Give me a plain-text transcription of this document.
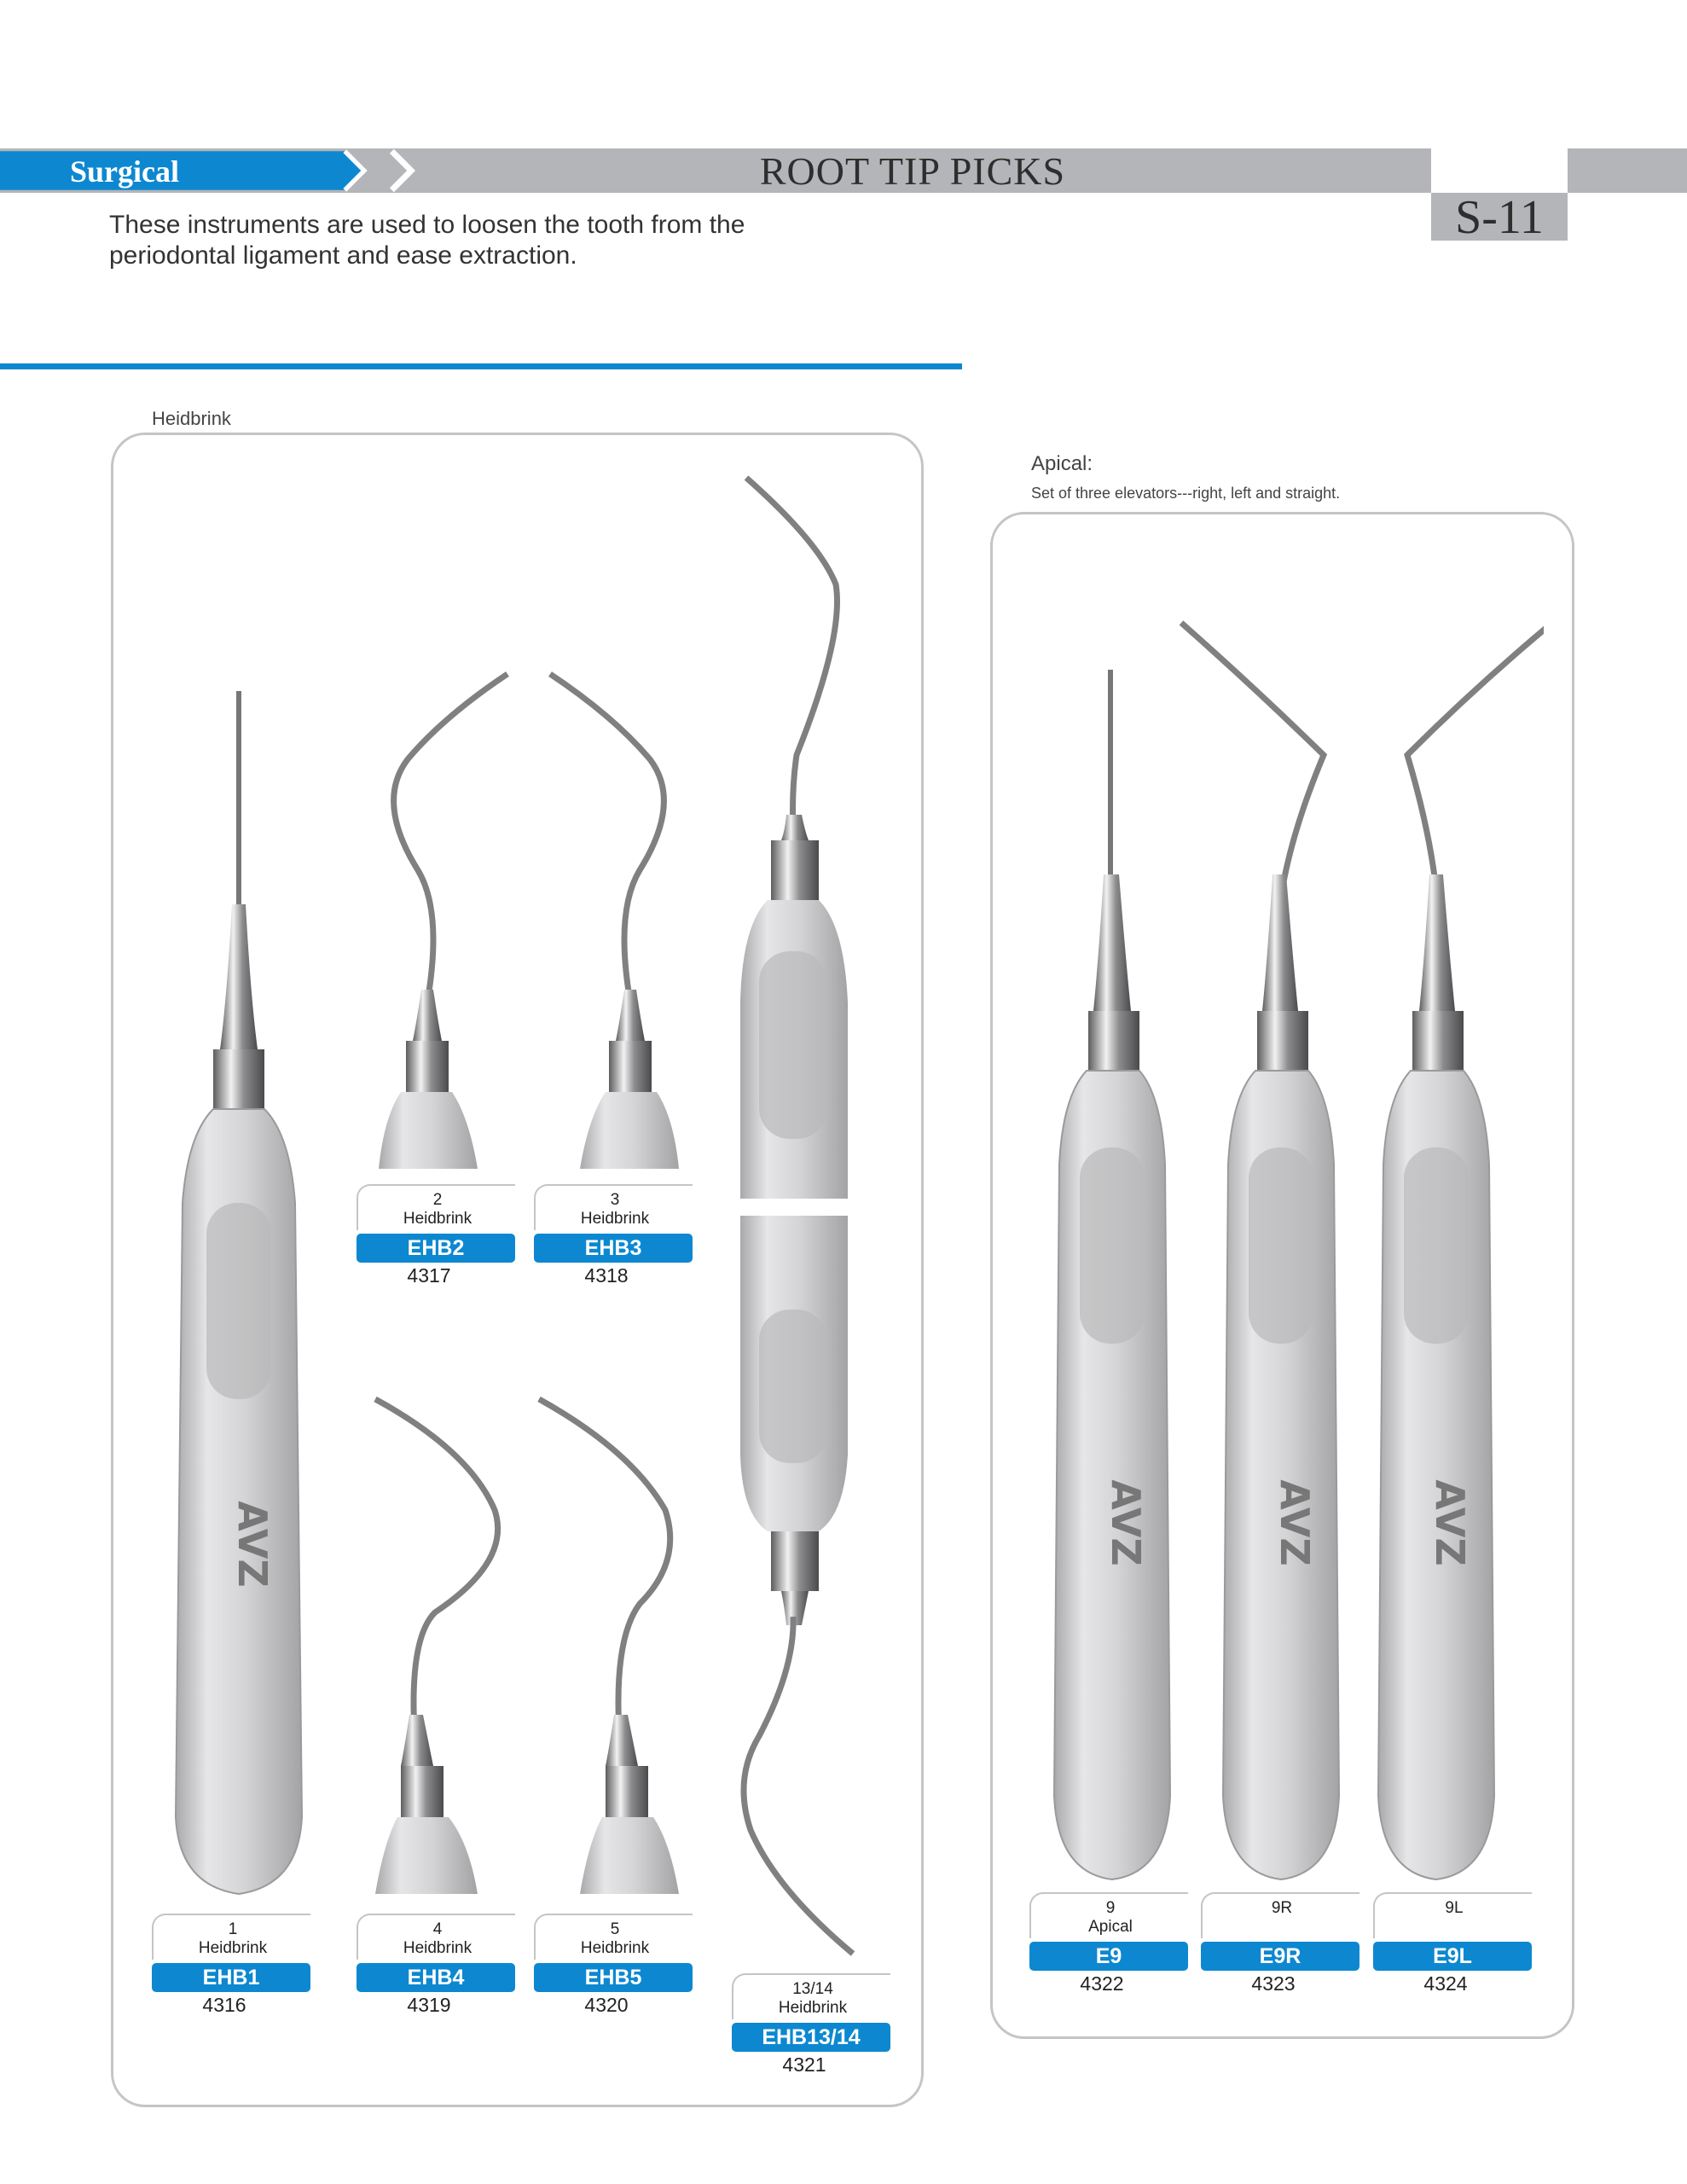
Surgical	ROOT TIP PICKS
S-11
These instruments are used to loosen the tooth from the
periodontal ligament and ease extraction.
Heidbrink
Apical:
Set of three elevators---right, left and straight.
AVZ	AVZ	AVZ	AVZ
1
Heidbrink
EHB1
4316
2
Heidbrink
EHB2
4317
3
Heidbrink
EHB3
4318
4
Heidbrink
EHB4
4319
5
Heidbrink
EHB5
4320
13/14
Heidbrink
EHB13/14
4321
9
Apical
E9
4322
9R
E9R
4323
9L
E9L
4324
